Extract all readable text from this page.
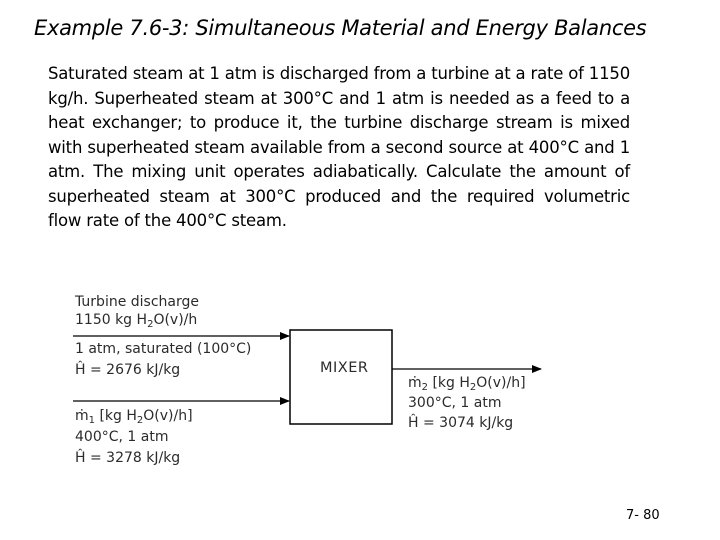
Example 7.6-3: Simultaneous Material and Energy Balances
Saturated steam at 1 atm is discharged from a turbine at a rate of 1150 kg/h. Superheated steam at 300°C and 1 atm is needed as a feed to a heat exchanger; to produce it, the turbine discharge stream is mixed with superheated steam available from a second source at 400°C and 1 atm. The mixing unit operates adiabatically. Calculate the amount of superheated steam at 300°C produced and the required volumetric flow rate of the 400°C steam.
Turbine discharge
1150 kg $H_2O(v)/h$
1 atm, saturated (100°C)
Ĥ = 2676 kJ/kg
ṁ$_1$ [kg $H_2O(v)/h$]
400°C, 1 atm
Ĥ = 3278 kJ/kg
MIXER
ṁ$_2$ [kg $H_2O(v)/h$]
300°C, 1 atm
Ĥ = 3074 kJ/kg
7- 80
